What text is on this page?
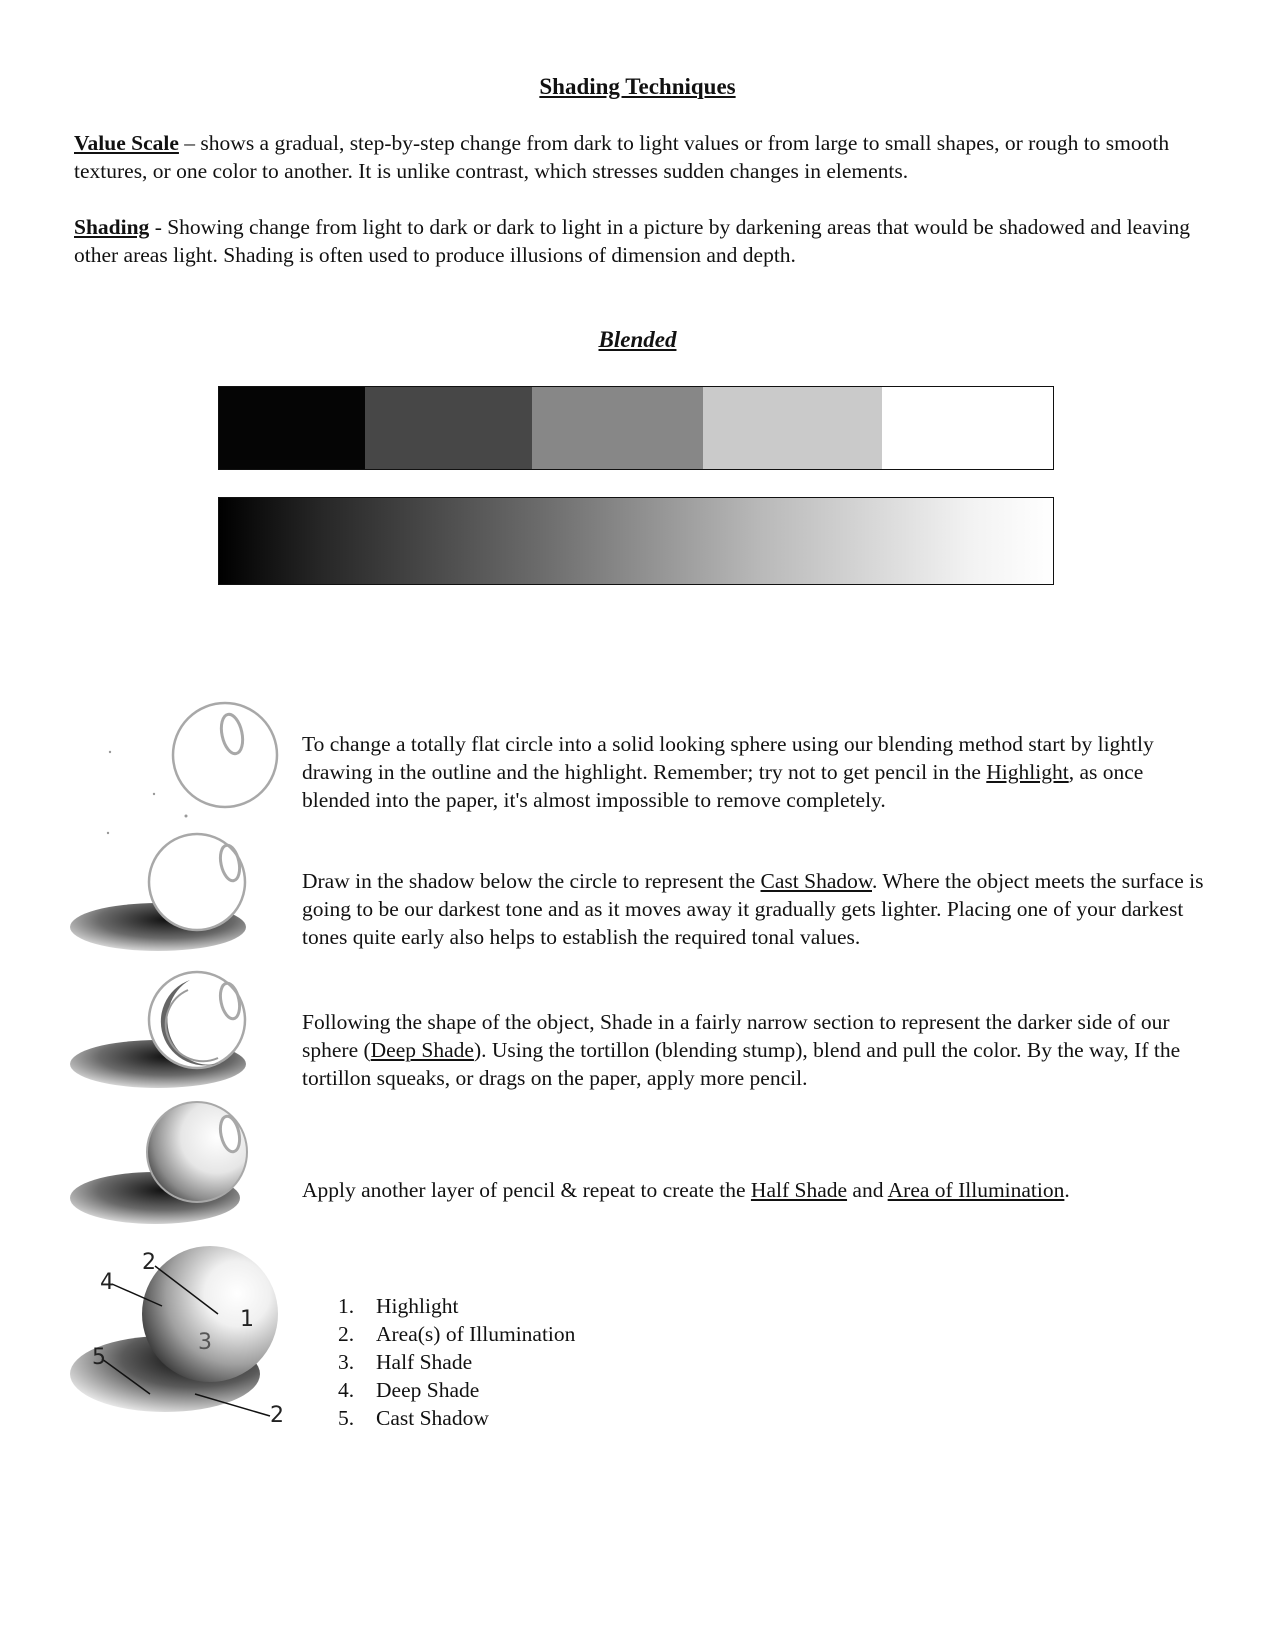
Shading Techniques
Value Scale – shows a gradual, step-by-step change from dark to light values or from large to small shapes, or rough to smooth textures, or one color to another. It is unlike contrast, which stresses sudden changes in elements.
Shading - Showing change from light to dark or dark to light in a picture by darkening areas that would be shadowed and leaving other areas light. Shading is often used to produce illusions of dimension and depth.
Blended
2
4
1
3
5
2
To change a totally flat circle into a solid looking sphere using our blending method start by lightly drawing in the outline and the highlight. Remember; try not to get pencil in the Highlight, as once blended into the paper, it's almost impossible to remove completely.
Draw in the shadow below the circle to represent the Cast Shadow. Where the object meets the surface is going to be our darkest tone and as it moves away it gradually gets lighter. Placing one of your darkest tones quite early also helps to establish the required tonal values.
Following the shape of the object, Shade in a fairly narrow section to represent the darker side of our sphere (Deep Shade). Using the tortillon (blending stump), blend and pull the color. By the way, If the tortillon squeaks, or drags on the paper, apply more pencil.
Apply another layer of pencil & repeat to create the Half Shade and Area of Illumination.
1.	Highlight
2.	Area(s) of Illumination
3.	Half Shade
4.	Deep Shade
5.	Cast Shadow
